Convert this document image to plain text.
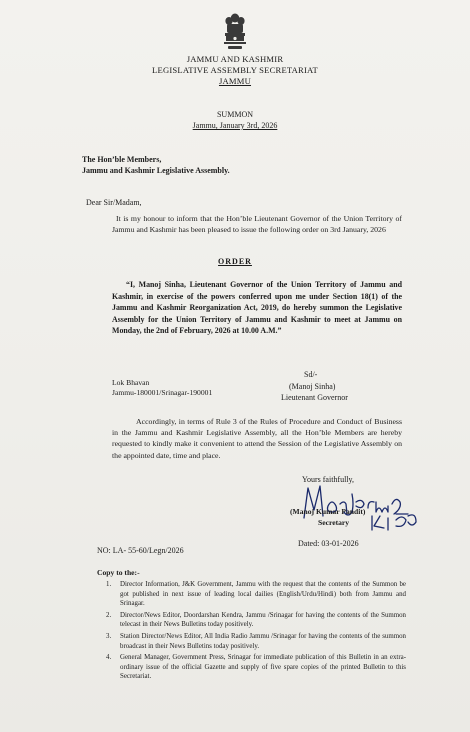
JAMMU AND KASHMIR
LEGISLATIVE ASSEMBLY SECRETARIAT
JAMMU
SUMMON
Jammu, January 3rd, 2026
The Hon’ble Members,
Jammu and Kashmir Legislative Assembly.
Dear Sir/Madam,
It is my honour to inform that the Hon’ble Lieutenant Governor of the Union Territory of Jammu and Kashmir has been pleased to issue the following order on 3rd January, 2026
ORDER
“I, Manoj Sinha, Lieutenant Governor of the Union Territory of Jammu and Kashmir, in exercise of the powers conferred upon me under Section 18(1) of the Jammu and Kashmir Reorganization Act, 2019, do hereby summon the Legislative Assembly for the Union Territory of Jammu and Kashmir to meet at Jammu on Monday, the 2nd of February, 2026 at 10.00 A.M.”
Lok Bhavan
Jammu-180001/Srinagar-190001
Sd/-
(Manoj Sinha)
Lieutenant Governor
Accordingly, in terms of Rule 3 of the Rules of Procedure and Conduct of Business in the Jammu and Kashmir Legislative Assembly, all the Hon’ble Members are hereby requested to kindly make it convenient to attend the Session of the Legislative Assembly on the appointed date, time and place.
Yours faithfully,
(Manoj Kumar Pandit)
Secretary
NO: LA- 55-60/Legn/2026
Dated: 03-01-2026
Copy to the:-
1. Director Information, J&K Government, Jammu with the request that the contents of the Summon be got published in next issue of leading local dailies (English/Urdu/Hindi) both from Jammu and Srinagar.
2. Director/News Editor, Doordarshan Kendra, Jammu /Srinagar for having the contents of the Summon telecast in their News Bulletins today positively.
3. Station Director/News Editor, All India Radio Jammu /Srinagar for having the contents of the summon broadcast in their News Bulletins today positively.
4. General Manager, Government Press, Srinagar for immediate publication of this Bulletin in an extra-ordinary issue of the official Gazette and supply of five spare copies of the printed Bulletin to this Secretariat.
